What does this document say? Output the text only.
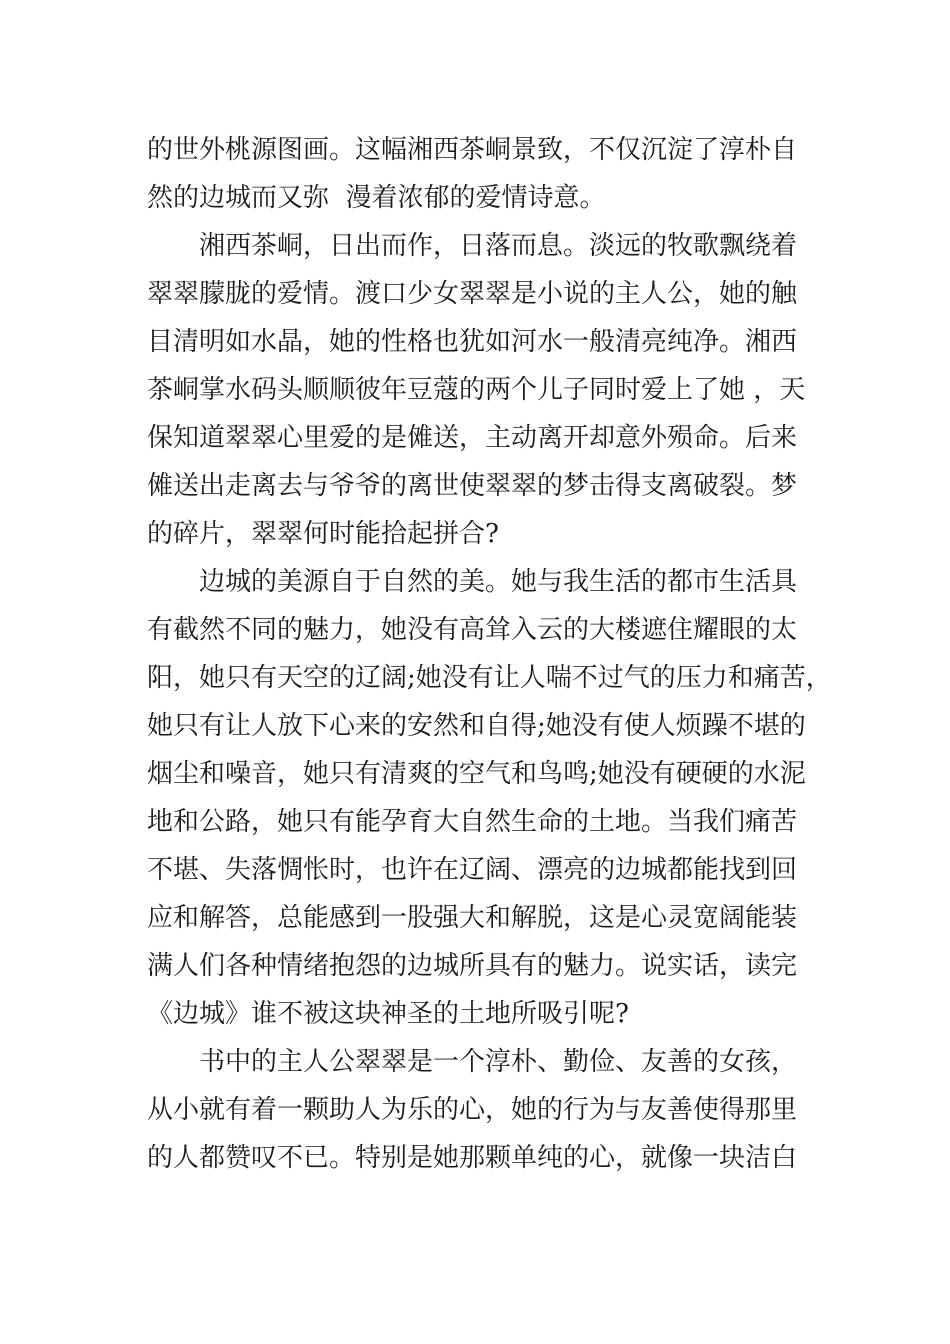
的世外桃源图画。这幅湘西茶峒景致，不仅沉淀了淳朴自
然的边城而又弥  漫着浓郁的爱情诗意。
湘西茶峒，日出而作，日落而息。淡远的牧歌飘绕着
翠翠朦胧的爱情。渡口少女翠翠是小说的主人公，她的触
目清明如水晶，她的性格也犹如河水一般清亮纯净。湘西
茶峒掌水码头顺顺彼年豆蔻的两个儿子同时爱上了她 ，天
保知道翠翠心里爱的是傩送，主动离开却意外殒命。后来
傩送出走离去与爷爷的离世使翠翠的梦击得支离破裂。梦
的碎片，翠翠何时能拾起拼合?
边城的美源自于自然的美。她与我生活的都市生活具
有截然不同的魅力，她没有高耸入云的大楼遮住耀眼的太
阳，她只有天空的辽阔;她没有让人喘不过气的压力和痛苦，
她只有让人放下心来的安然和自得;她没有使人烦躁不堪的
烟尘和噪音，她只有清爽的空气和鸟鸣;她没有硬硬的水泥
地和公路，她只有能孕育大自然生命的土地。当我们痛苦
不堪、失落惆怅时，也许在辽阔、漂亮的边城都能找到回
应和解答，总能感到一股强大和解脱，这是心灵宽阔能装
满人们各种情绪抱怨的边城所具有的魅力。说实话，读完
《边城》谁不被这块神圣的土地所吸引呢?
书中的主人公翠翠是一个淳朴、勤俭、友善的女孩，
从小就有着一颗助人为乐的心，她的行为与友善使得那里
的人都赞叹不已。特别是她那颗单纯的心，就像一块洁白
